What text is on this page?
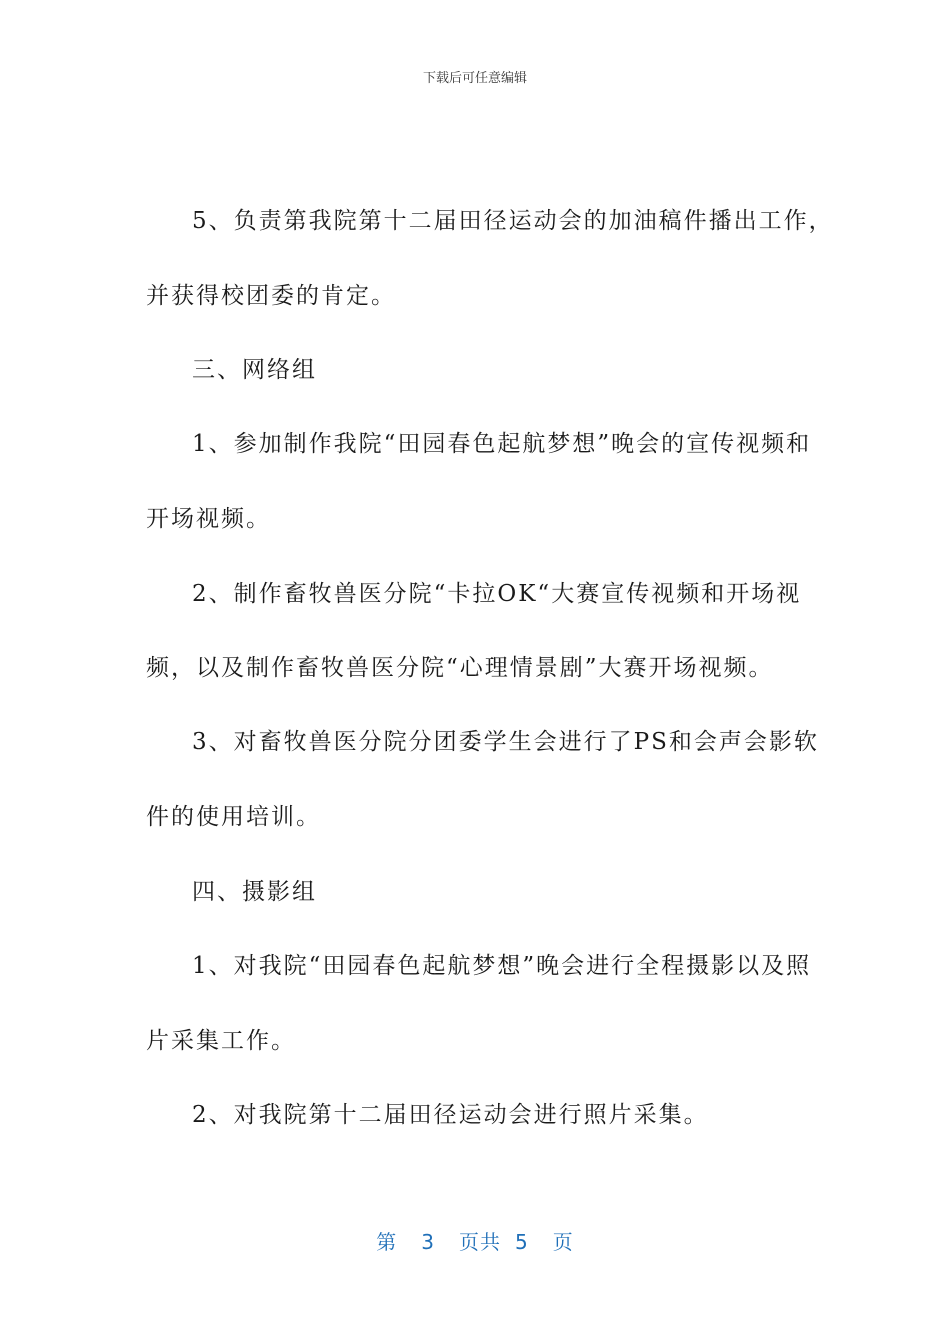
下载后可任意编辑
5、负责第我院第十二届田径运动会的加油稿件播出工作，
并获得校团委的肯定。
三、网络组
1、参加制作我院“田园春色起航梦想”晚会的宣传视频和
开场视频。
2、制作畜牧兽医分院“卡拉OK“大赛宣传视频和开场视
频，以及制作畜牧兽医分院“心理情景剧”大赛开场视频。
3、对畜牧兽医分院分团委学生会进行了PS和会声会影软
件的使用培训。
四、摄影组
1、对我院“田园春色起航梦想”晚会进行全程摄影以及照
片采集工作。
2、对我院第十二届田径运动会进行照片采集。
第 3 页共 5 页
